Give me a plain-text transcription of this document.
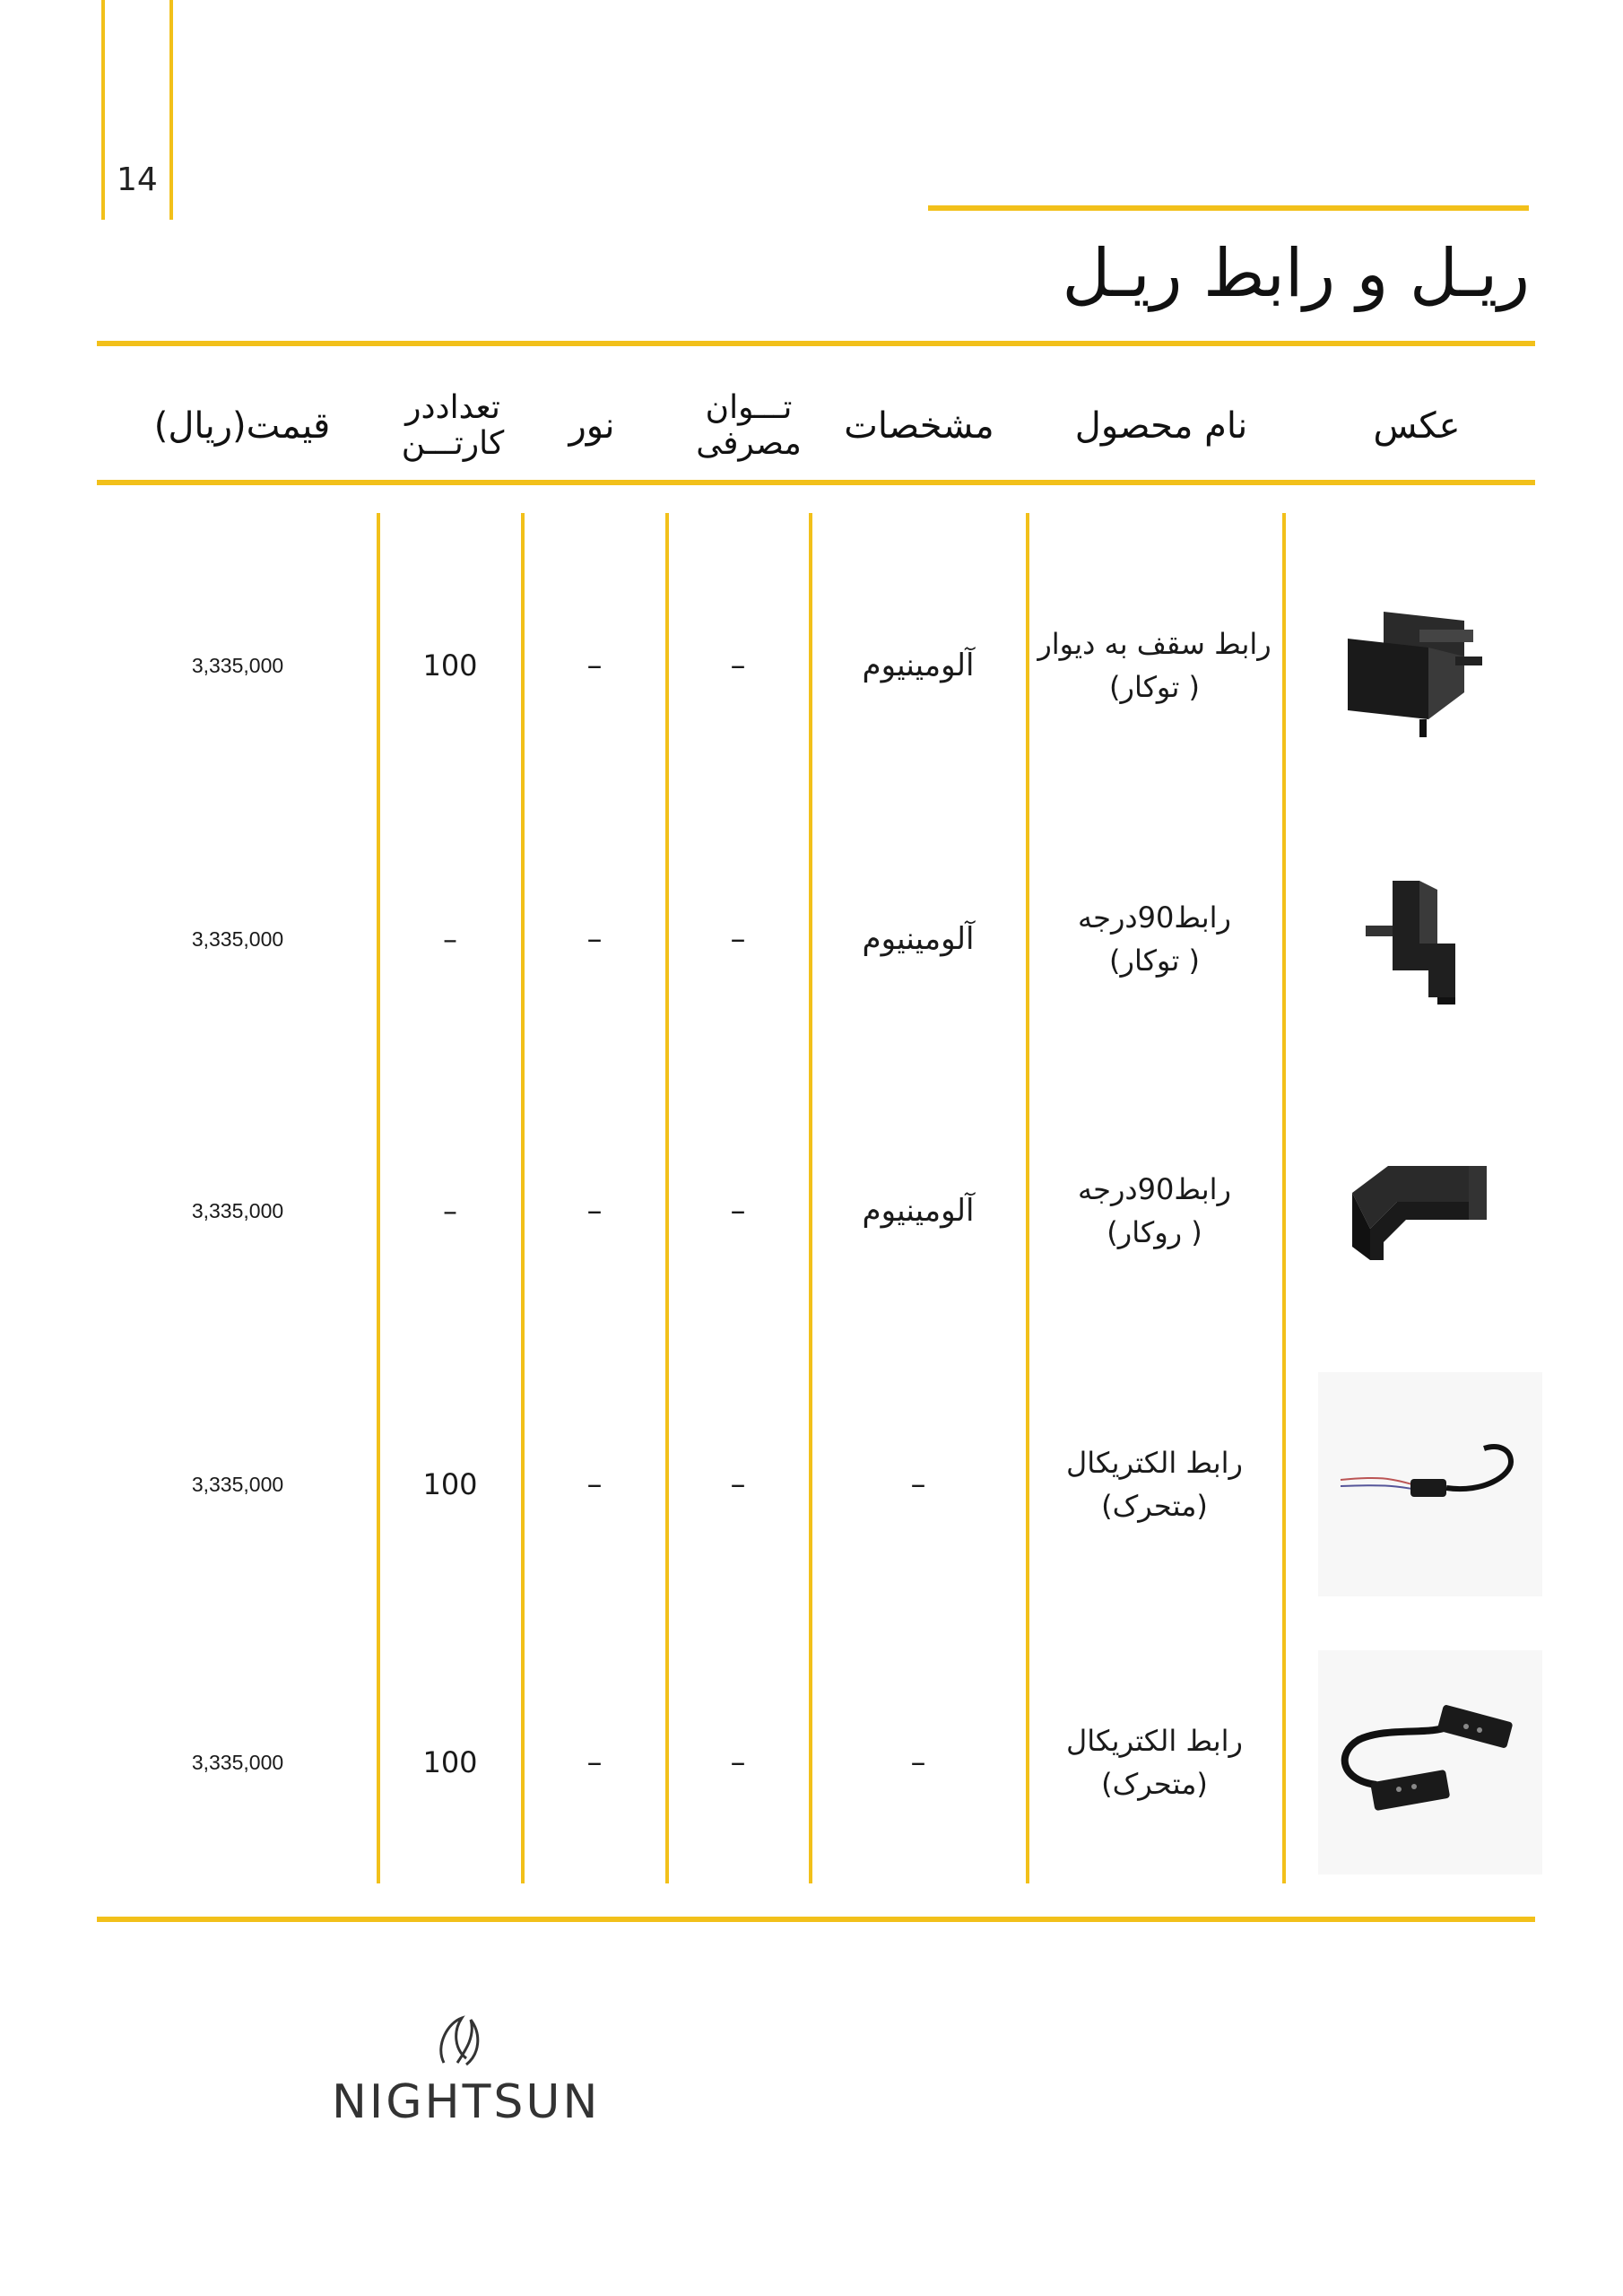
14
ریـل و رابط ریـل
عکس
نام محصول
مشخصات
تـــوان
مصرفی
نور
تعدادد‌ر
کارتـــن
قیمت(ریال)
رابط سقف به دیوار
( توکار)
آلومینیوم
–
–
100
3,335,000
رابط90درجه
( توکار)
آلومینیوم
–
–
–
3,335,000
رابط90درجه
( روکار)
آلومینیوم
–
–
–
3,335,000
رابط الکتریکال
(متحرک)
–
–
–
100
3,335,000
رابط الکتریکال
(متحرک)
–
–
–
100
3,335,000
NIGHTSUN
